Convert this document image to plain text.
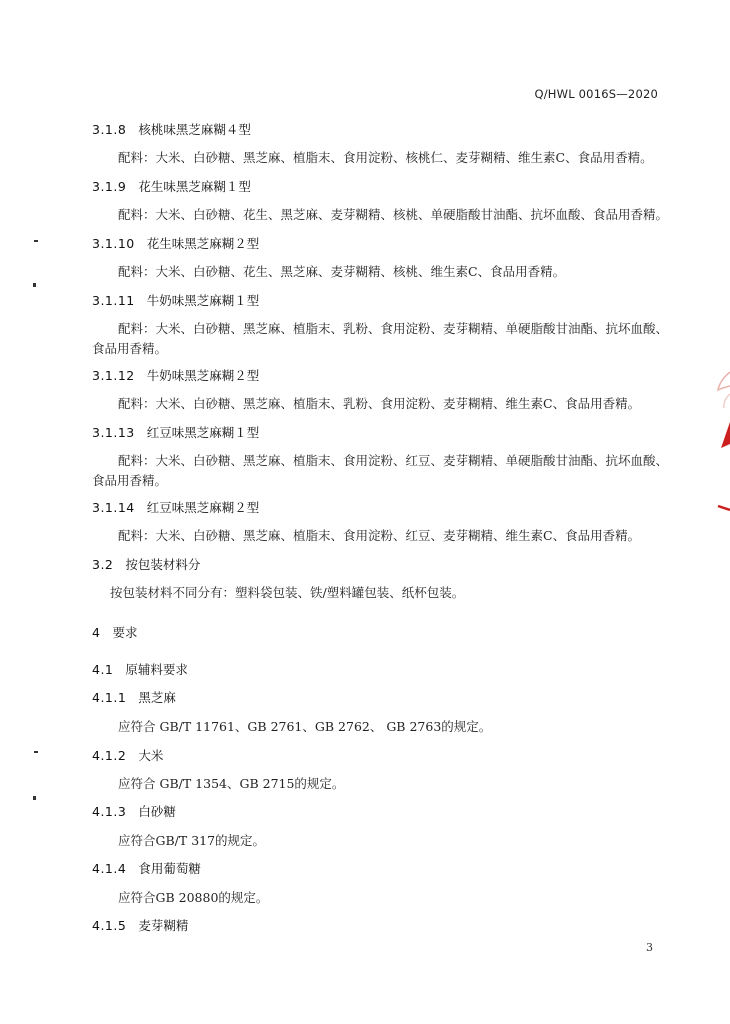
Q/HWL 0016S—2020
3.1.8 核桃味黑芝麻糊４型
配料：大米、白砂糖、黑芝麻、植脂末、食用淀粉、核桃仁、麦芽糊精、维生素C、食品用香精。
3.1.9 花生味黑芝麻糊１型
配料：大米、白砂糖、花生、黑芝麻、麦芽糊精、核桃、单硬脂酸甘油酯、抗坏血酸、食品用香精。
3.1.10 花生味黑芝麻糊２型
配料：大米、白砂糖、花生、黑芝麻、麦芽糊精、核桃、维生素C、食品用香精。
3.1.11 牛奶味黑芝麻糊１型
配料：大米、白砂糖、黑芝麻、植脂末、乳粉、食用淀粉、麦芽糊精、单硬脂酸甘油酯、抗坏血酸、
食品用香精。
3.1.12 牛奶味黑芝麻糊２型
配料：大米、白砂糖、黑芝麻、植脂末、乳粉、食用淀粉、麦芽糊精、维生素C、食品用香精。
3.1.13 红豆味黑芝麻糊１型
配料：大米、白砂糖、黑芝麻、植脂末、食用淀粉、红豆、麦芽糊精、单硬脂酸甘油酯、抗坏血酸、
食品用香精。
3.1.14 红豆味黑芝麻糊２型
配料：大米、白砂糖、黑芝麻、植脂末、食用淀粉、红豆、麦芽糊精、维生素C、食品用香精。
3.2 按包装材料分
按包装材料不同分有：塑料袋包装、铁/塑料罐包装、纸杯包装。
4 要求
4.1 原辅料要求
4.1.1 黑芝麻
应符合 GB/T 11761、GB 2761、GB 2762、 GB 2763的规定。
4.1.2 大米
应符合 GB/T 1354、GB 2715的规定。
4.1.3 白砂糖
应符合GB/T 317的规定。
4.1.4 食用葡萄糖
应符合GB 20880的规定。
4.1.5 麦芽糊精
3
